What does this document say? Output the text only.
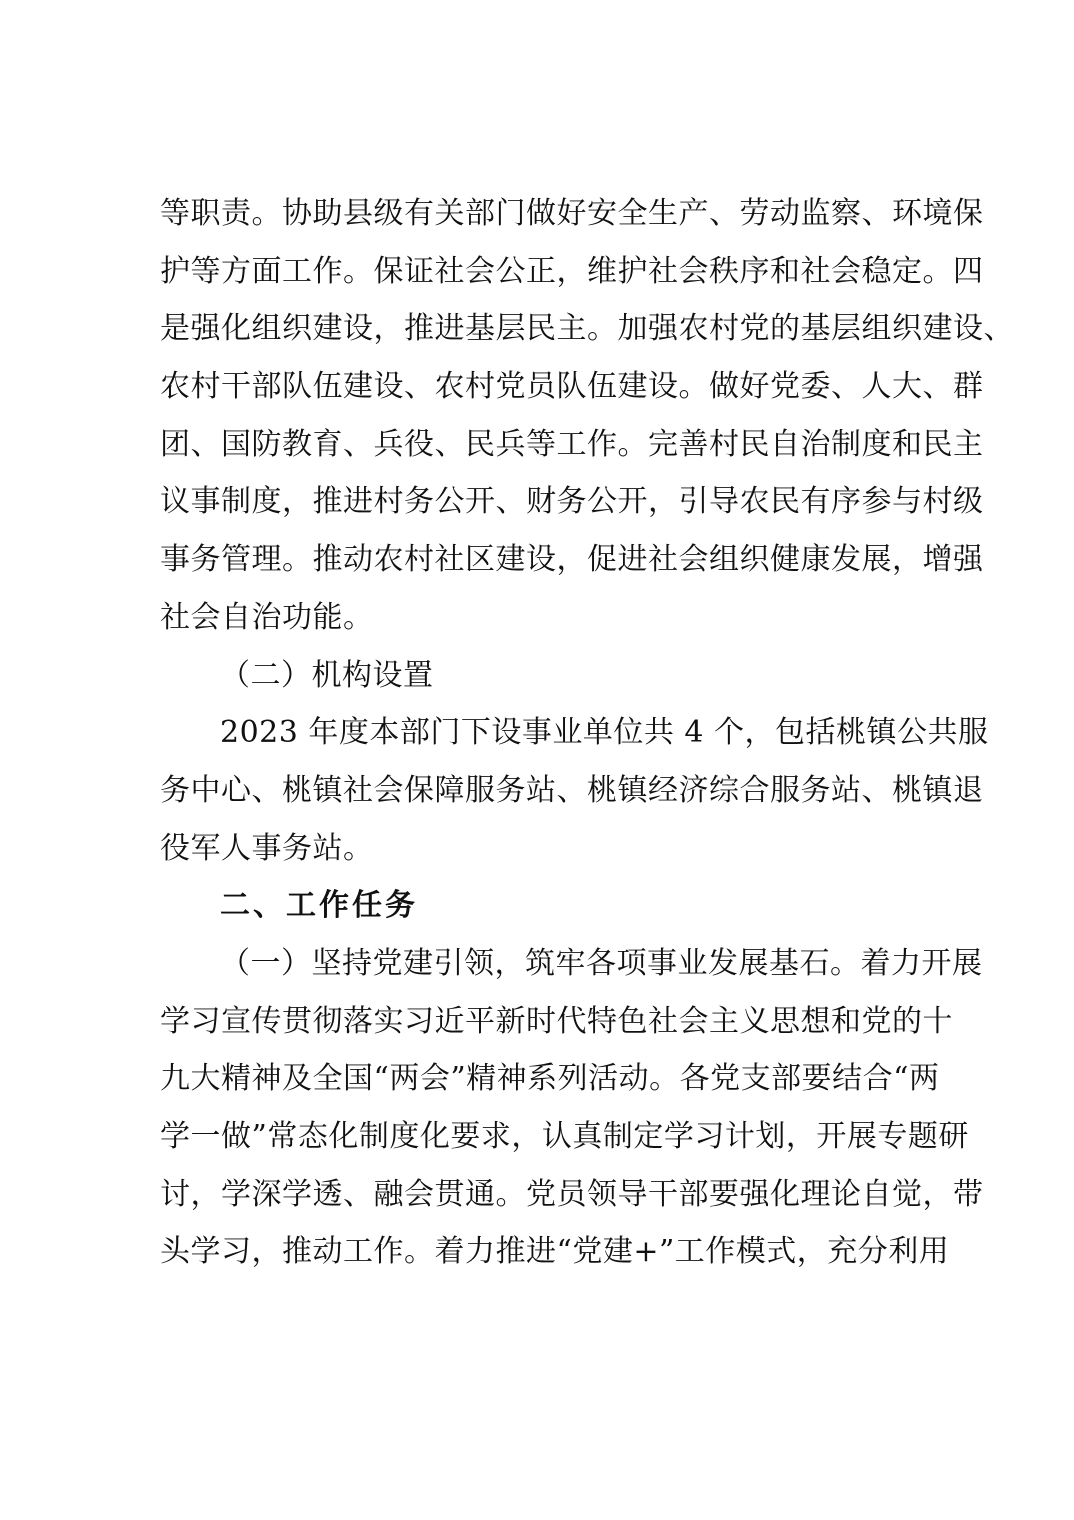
等职责。协助县级有关部门做好安全生产、劳动监察、环境保
护等方面工作。保证社会公正，维护社会秩序和社会稳定。四
是强化组织建设，推进基层民主。加强农村党的基层组织建设、
农村干部队伍建设、农村党员队伍建设。做好党委、人大、群
团、国防教育、兵役、民兵等工作。完善村民自治制度和民主
议事制度，推进村务公开、财务公开，引导农民有序参与村级
事务管理。推动农村社区建设，促进社会组织健康发展，增强
社会自治功能。
（二）机构设置
2023 年度本部门下设事业单位共 4 个，包括桃镇公共服
务中心、桃镇社会保障服务站、桃镇经济综合服务站、桃镇退
役军人事务站。
二、工作任务
（一）坚持党建引领，筑牢各项事业发展基石。着力开展
学习宣传贯彻落实习近平新时代特色社会主义思想和党的十
九大精神及全国“两会”精神系列活动。各党支部要结合“两
学一做”常态化制度化要求，认真制定学习计划，开展专题研
讨，学深学透、融会贯通。党员领导干部要强化理论自觉，带
头学习，推动工作。着力推进“党建+”工作模式，充分利用
